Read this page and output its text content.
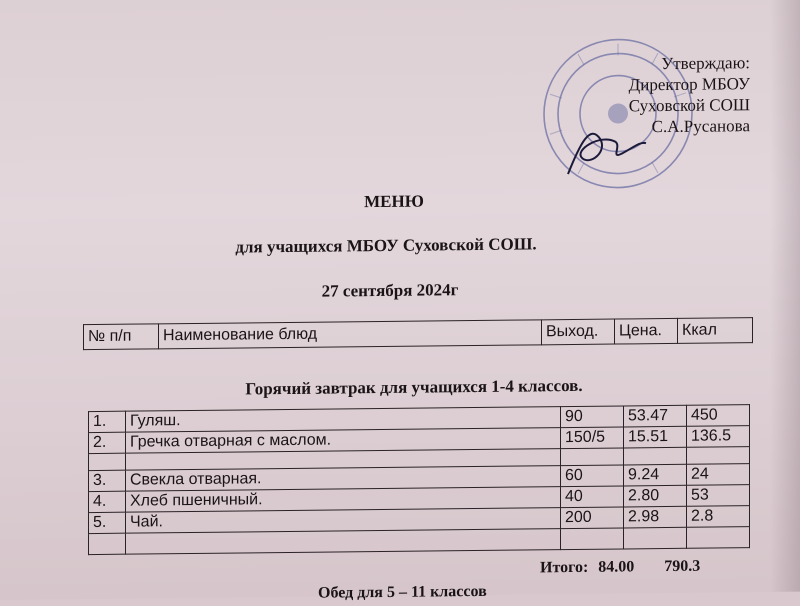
Утверждаю:
Директор МБОУ
Суховской СОШ
С.А.Русанова
МЕНЮ
для учащихся МБОУ Суховской СОШ.
27 сентября 2024г
№ п/п	Наименование блюд	Выход.	Цена.	Ккал
Горячий завтрак для учащихся 1-4 классов.
1.	Гуляш.	90	53.47	450
2.	Гречка отварная с маслом.	150/5	15.51	136.5

3.	Свекла отварная.	60	9.24	24
4.	Хлеб пшеничный.	40	2.80	53
5.	Чай.	200	2.98	2.8

Итого: 84.00 790.3
Обед для 5 – 11 классов
